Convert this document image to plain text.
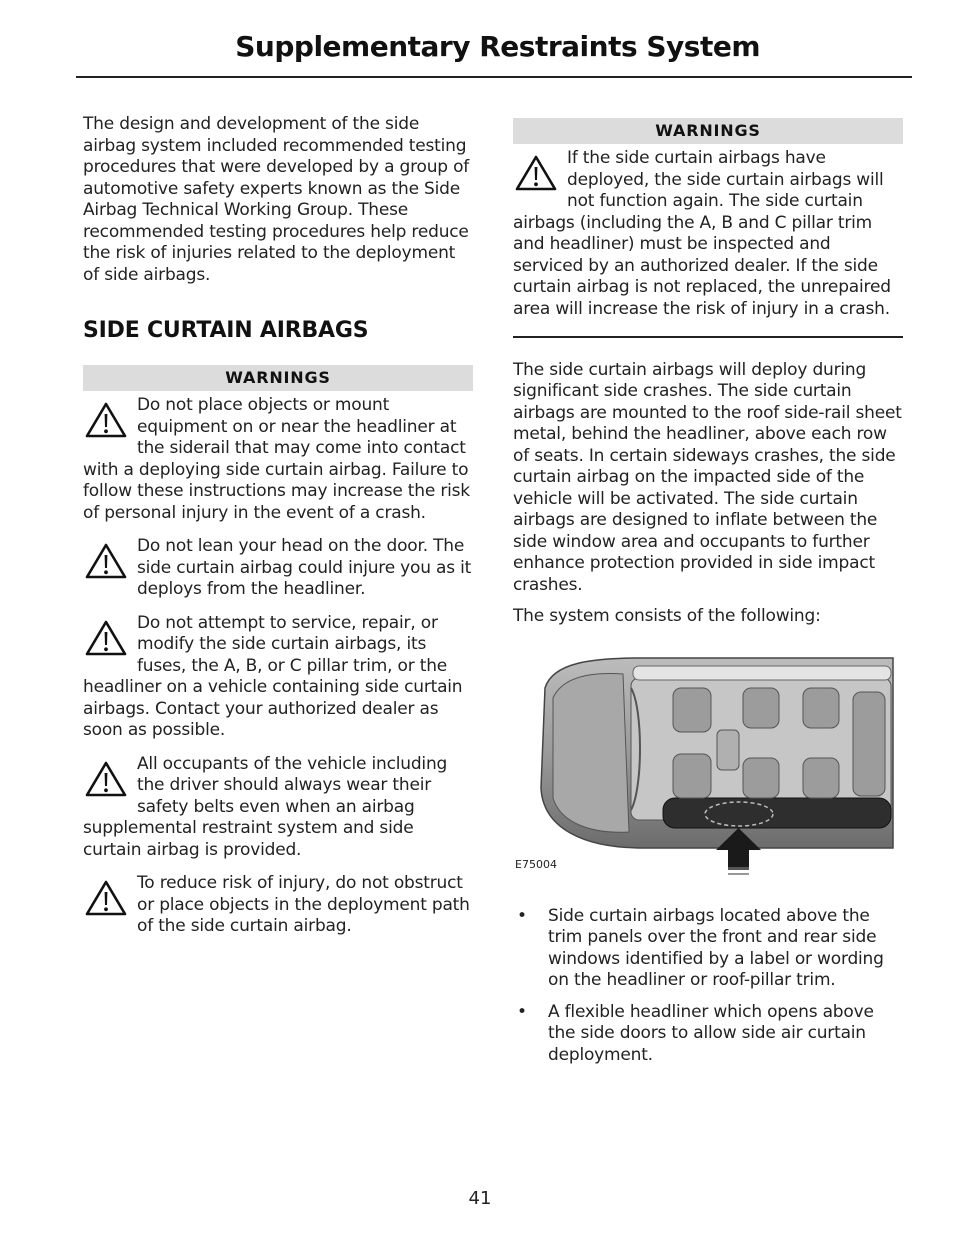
Supplementary Restraints System

The design and development of the side airbag system included recommended testing procedures that were developed by a group of automotive safety experts known as the Side Airbag Technical Working Group. These recommended testing procedures help reduce the risk of injuries related to the deployment of side airbags.

SIDE CURTAIN AIRBAGS
WARNINGS
Do not place objects or mount equipment on or near the headliner at the siderail that may come into contact with a deploying side curtain airbag. Failure to follow these instructions may increase the risk of personal injury in the event of a crash.
Do not lean your head on the door. The side curtain airbag could injure you as it deploys from the headliner.
Do not attempt to service, repair, or modify the side curtain airbags, its fuses, the A, B, or C pillar trim, or the headliner on a vehicle containing side curtain airbags. Contact your authorized dealer as soon as possible.
All occupants of the vehicle including the driver should always wear their safety belts even when an airbag supplemental restraint system and side curtain airbag is provided.
To reduce risk of injury, do not obstruct or place objects in the deployment path of the side curtain airbag.
WARNINGS
If the side curtain airbags have deployed, the side curtain airbags will not function again. The side curtain airbags (including the A, B and C pillar trim and headliner) must be inspected and serviced by an authorized dealer. If the side curtain airbag is not replaced, the unrepaired area will increase the risk of injury in a crash.

The side curtain airbags will deploy during significant side crashes. The side curtain airbags are mounted to the roof side-rail sheet metal, behind the headliner, above each row of seats. In certain sideways crashes, the side curtain airbag on the impacted side of the vehicle will be activated. The side curtain airbags are designed to inflate between the side window area and occupants to further enhance protection provided in side impact crashes.

The system consists of the following:

E75004
• Side curtain airbags located above the trim panels over the front and rear side windows identified by a label or wording on the headliner or roof-pillar trim.
• A flexible headliner which opens above the side doors to allow side air curtain deployment.
41
